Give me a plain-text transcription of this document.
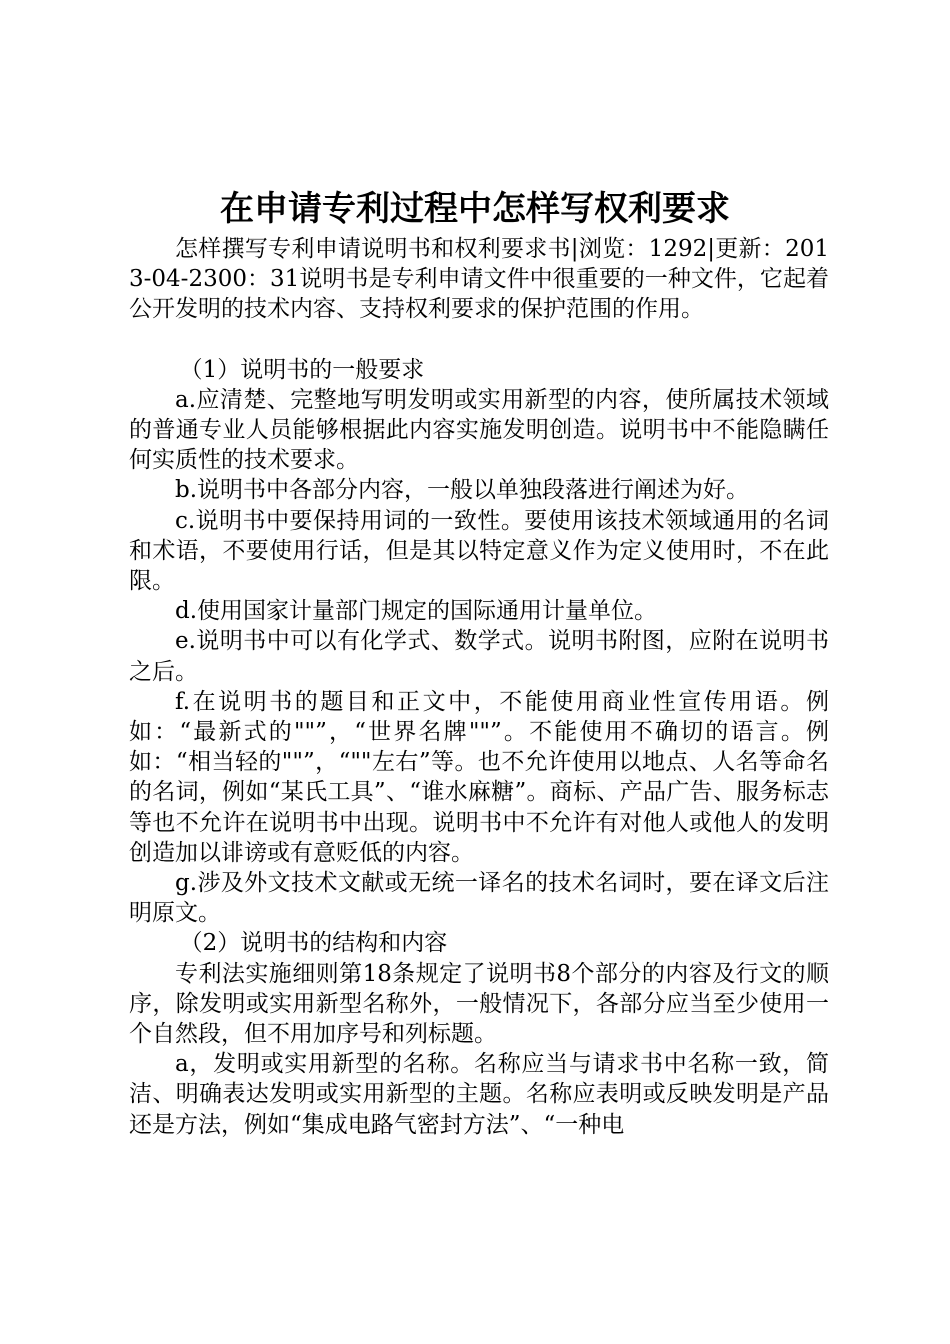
在申请专利过程中怎样写权利要求

怎样撰写专利申请说明书和权利要求书|浏览：1292|更新：2013-04-2300：31说明书是专利申请文件中很重要的一种文件，它起着公开发明的技术内容、支持权利要求的保护范围的作用。

（1）说明书的一般要求

a.应清楚、完整地写明发明或实用新型的内容，使所属技术领域的普通专业人员能够根据此内容实施发明创造。说明书中不能隐瞒任何实质性的技术要求。

b.说明书中各部分内容，一般以单独段落进行阐述为好。

c.说明书中要保持用词的一致性。要使用该技术领域通用的名词和术语，不要使用行话，但是其以特定意义作为定义使用时，不在此限。

d.使用国家计量部门规定的国际通用计量单位。

e.说明书中可以有化学式、数学式。说明书附图，应附在说明书之后。

f.在说明书的题目和正文中，不能使用商业性宣传用语。例如：“最新式的""”，“世界名牌""”。不能使用不确切的语言。例如：“相当轻的""”，“""左右”等。也不允许使用以地点、人名等命名的名词，例如“某氏工具”、“谁水麻糖”。商标、产品广告、服务标志等也不允许在说明书中出现。说明书中不允许有对他人或他人的发明创造加以诽谤或有意贬低的内容。

g.涉及外文技术文献或无统一译名的技术名词时，要在译文后注明原文。

（2）说明书的结构和内容

专利法实施细则第18条规定了说明书8个部分的内容及行文的顺序，除发明或实用新型名称外，一般情况下，各部分应当至少使用一个自然段，但不用加序号和列标题。

a，发明或实用新型的名称。名称应当与请求书中名称一致，简洁、明确表达发明或实用新型的主题。名称应表明或反映发明是产品还是方法，例如“集成电路气密封方法”、“一种电
